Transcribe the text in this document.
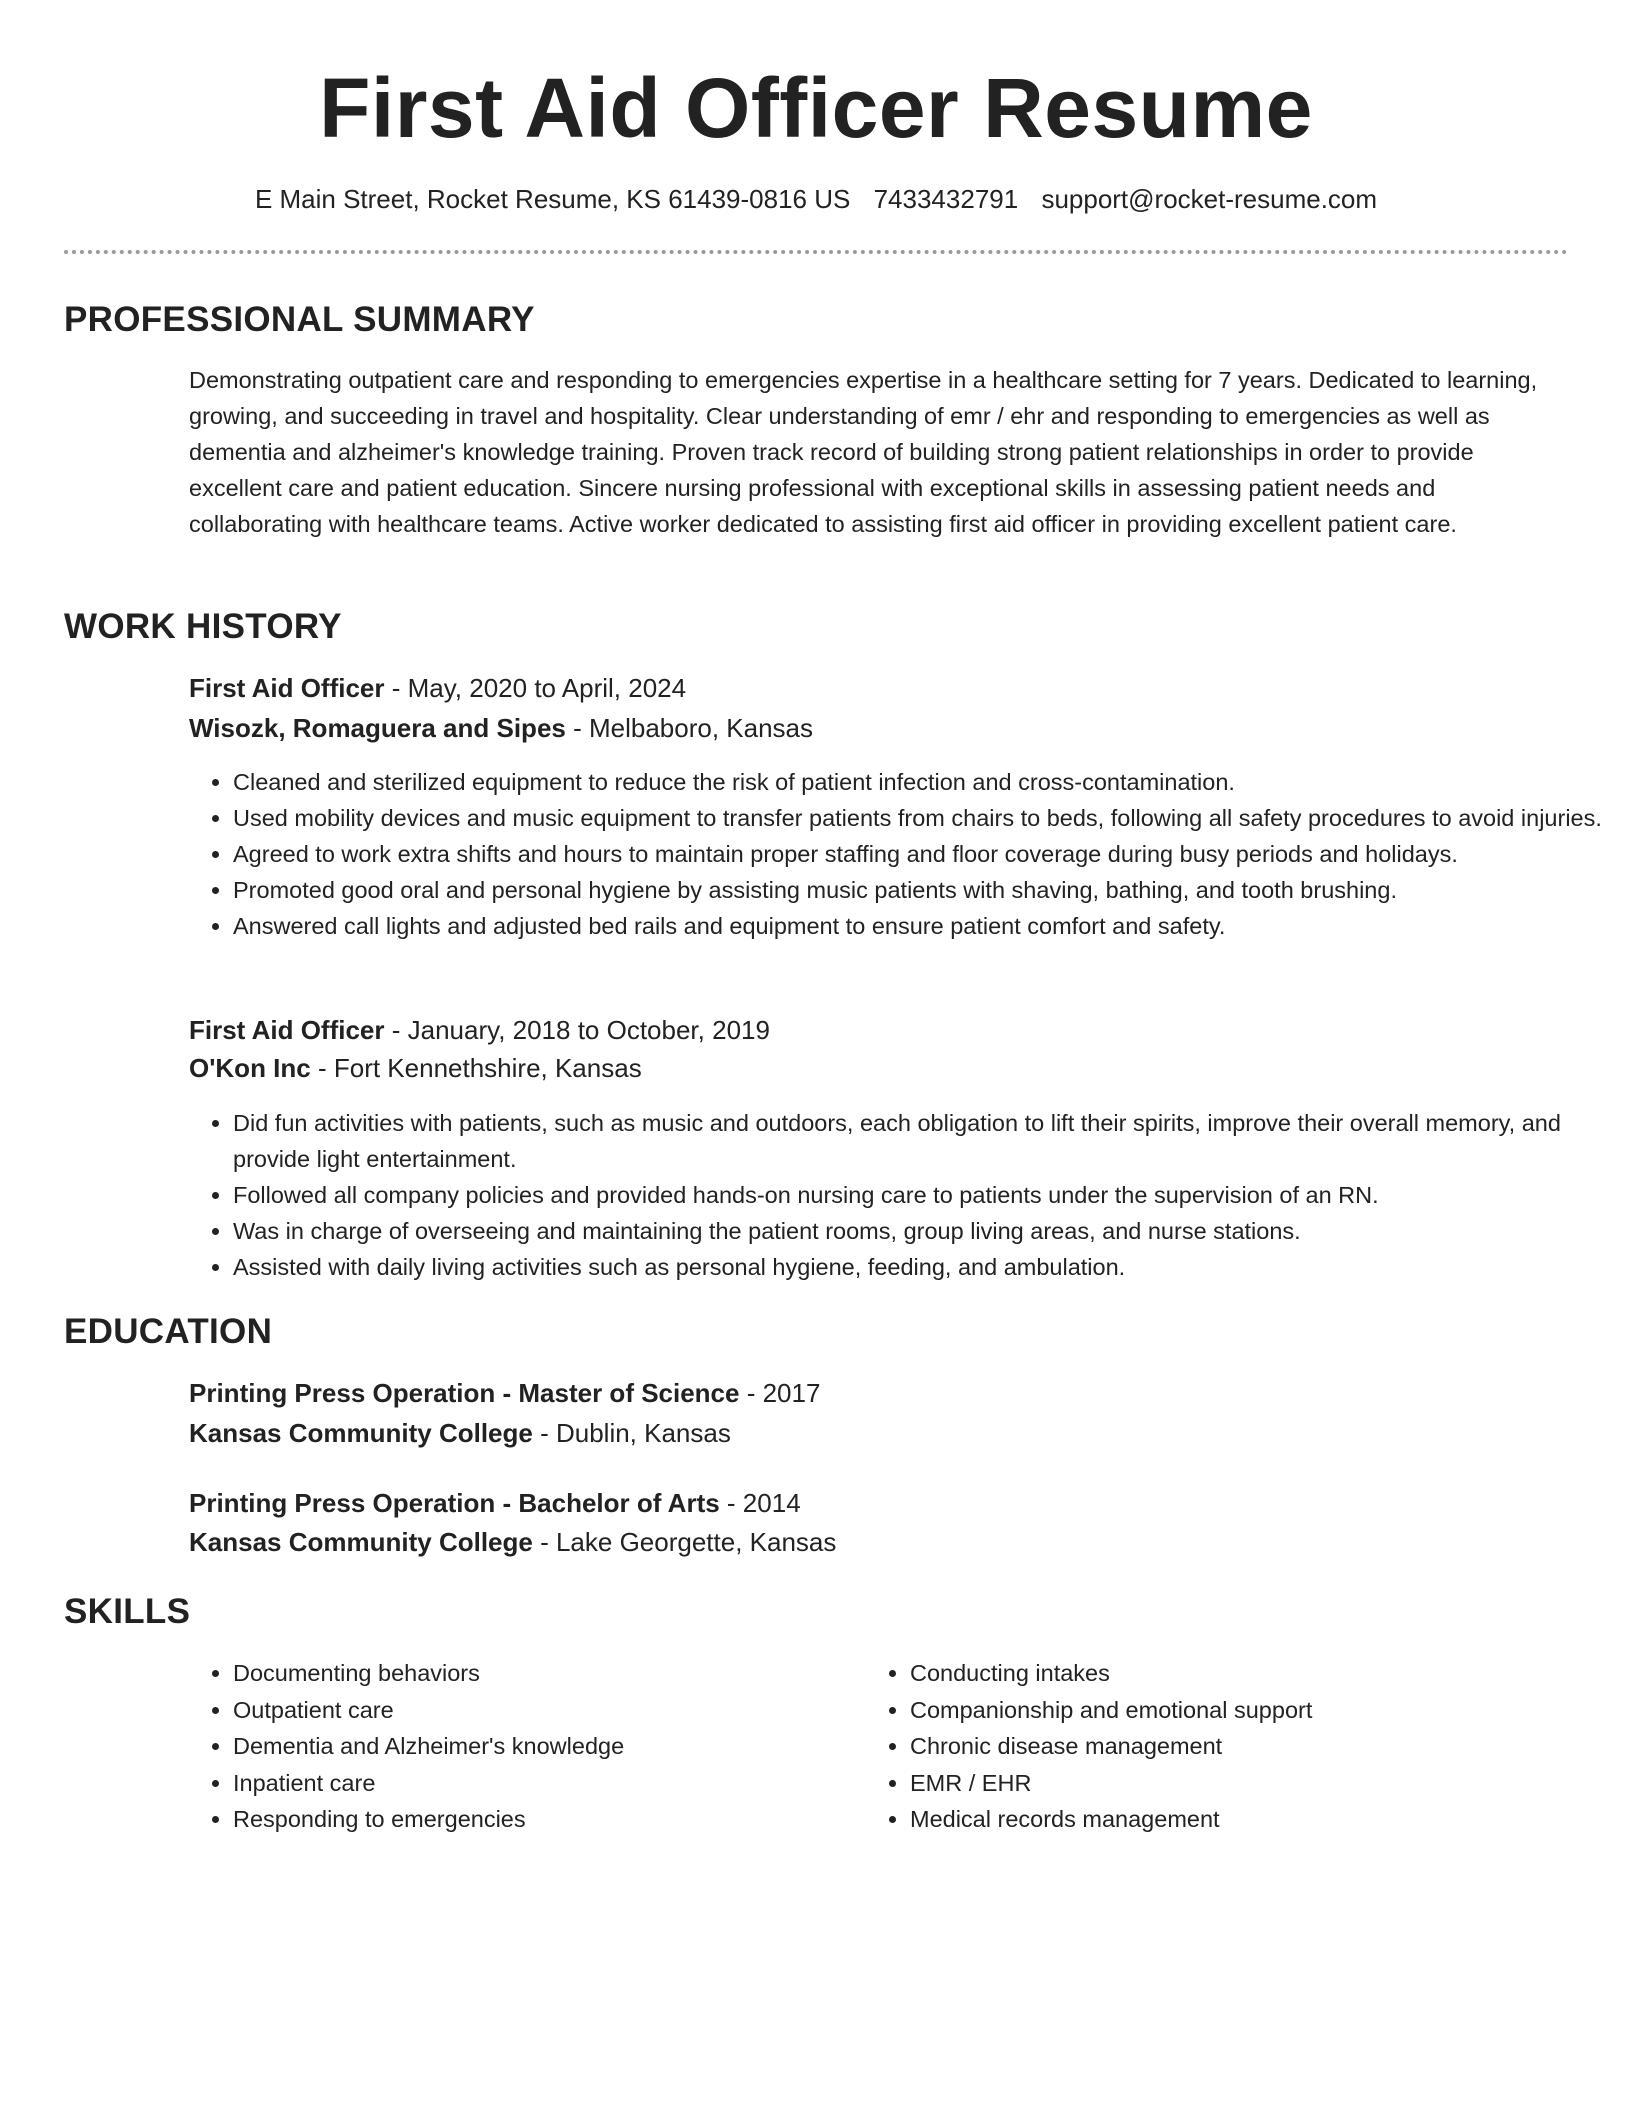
First Aid Officer Resume
E Main Street, Rocket Resume, KS 61439-0816 US 7433432791 support@rocket-resume.com
PROFESSIONAL SUMMARY
Demonstrating outpatient care and responding to emergencies expertise in a healthcare setting for 7 years. Dedicated to learning, growing, and succeeding in travel and hospitality. Clear understanding of emr / ehr and responding to emergencies as well as dementia and alzheimer's knowledge training. Proven track record of building strong patient relationships in order to provide excellent care and patient education. Sincere nursing professional with exceptional skills in assessing patient needs and collaborating with healthcare teams. Active worker dedicated to assisting first aid officer in providing excellent patient care.
WORK HISTORY
First Aid Officer - May, 2020 to April, 2024
Wisozk, Romaguera and Sipes - Melbaboro, Kansas
• Cleaned and sterilized equipment to reduce the risk of patient infection and cross-contamination.
• Used mobility devices and music equipment to transfer patients from chairs to beds, following all safety procedures to avoid injuries.
• Agreed to work extra shifts and hours to maintain proper staffing and floor coverage during busy periods and holidays.
• Promoted good oral and personal hygiene by assisting music patients with shaving, bathing, and tooth brushing.
• Answered call lights and adjusted bed rails and equipment to ensure patient comfort and safety.
First Aid Officer - January, 2018 to October, 2019
O'Kon Inc - Fort Kennethshire, Kansas
• Did fun activities with patients, such as music and outdoors, each obligation to lift their spirits, improve their overall memory, and provide light entertainment.
• Followed all company policies and provided hands-on nursing care to patients under the supervision of an RN.
• Was in charge of overseeing and maintaining the patient rooms, group living areas, and nurse stations.
• Assisted with daily living activities such as personal hygiene, feeding, and ambulation.
EDUCATION
Printing Press Operation - Master of Science - 2017
Kansas Community College - Dublin, Kansas
Printing Press Operation - Bachelor of Arts - 2014
Kansas Community College - Lake Georgette, Kansas
SKILLS
• Documenting behaviors
• Outpatient care
• Dementia and Alzheimer's knowledge
• Inpatient care
• Responding to emergencies
• Conducting intakes
• Companionship and emotional support
• Chronic disease management
• EMR / EHR
• Medical records management
